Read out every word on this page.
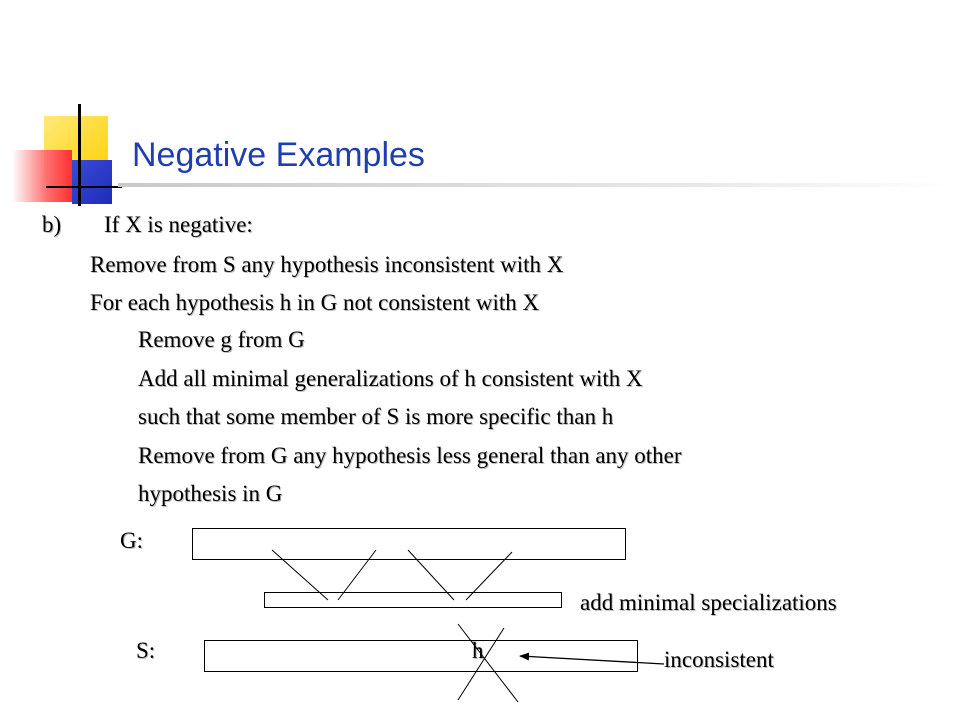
Negative Examples

b) If X is negative:

Remove from S any hypothesis inconsistent with X

For each hypothesis h in G not consistent with X

Remove g from G

Add all minimal generalizations of h consistent with X

such that some member of S is more specific than h

Remove from G any hypothesis less general than any other

hypothesis in G

G:

add minimal specializations

S:	h	inconsistent
